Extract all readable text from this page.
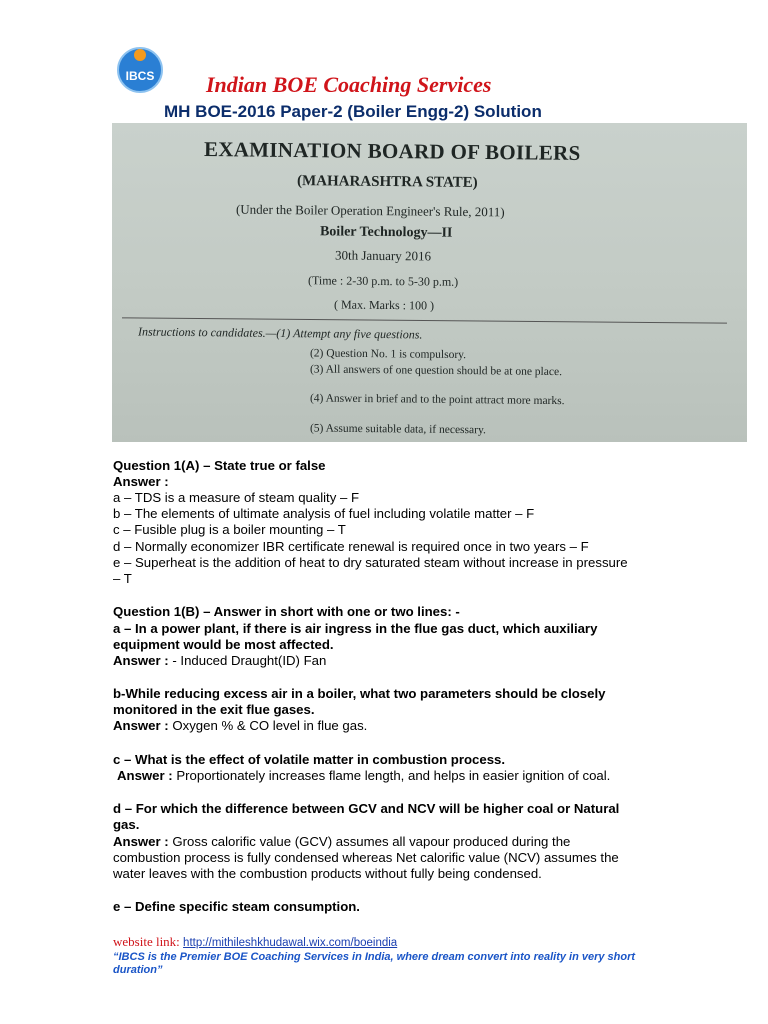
IBCS Indian BOE Coaching Services
MH BOE-2016 Paper-2 (Boiler Engg-2) Solution
EXAMINATION BOARD OF BOILERS
(MAHARASHTRA STATE)
(Under the Boiler Operation Engineer's Rule, 2011)
Boiler Technology—II
30th January 2016
(Time : 2-30 p.m. to 5-30 p.m.)
( Max. Marks : 100 )
Instructions to candidates.—(1) Attempt any five questions.
(2) Question No. 1 is compulsory.
(3) All answers of one question should be at one place.
(4) Answer in brief and to the point attract more marks.
(5) Assume suitable data, if necessary.
Question 1(A) – State true or false
Answer :
a – TDS is a measure of steam quality – F
b – The elements of ultimate analysis of fuel including volatile matter – F
c – Fusible plug is a boiler mounting – T
d – Normally economizer IBR certificate renewal is required once in two years – F
e – Superheat is the addition of heat to dry saturated steam without increase in pressure
– T
Question 1(B) – Answer in short with one or two lines: -
a – In a power plant, if there is air ingress in the flue gas duct, which auxiliary
equipment would be most affected.
Answer : - Induced Draught(ID) Fan
b-While reducing excess air in a boiler, what two parameters should be closely
monitored in the exit flue gases.
Answer : Oxygen % & CO level in flue gas.
c – What is the effect of volatile matter in combustion process.
Answer : Proportionately increases flame length, and helps in easier ignition of coal.
d – For which the difference between GCV and NCV will be higher coal or Natural
gas.
Answer : Gross calorific value (GCV) assumes all vapour produced during the
combustion process is fully condensed whereas Net calorific value (NCV) assumes the
water leaves with the combustion products without fully being condensed.
e – Define specific steam consumption.
website link: http://mithileshkhudawal.wix.com/boeindia
“IBCS is the Premier BOE Coaching Services in India, where dream convert into reality in very short duration”
